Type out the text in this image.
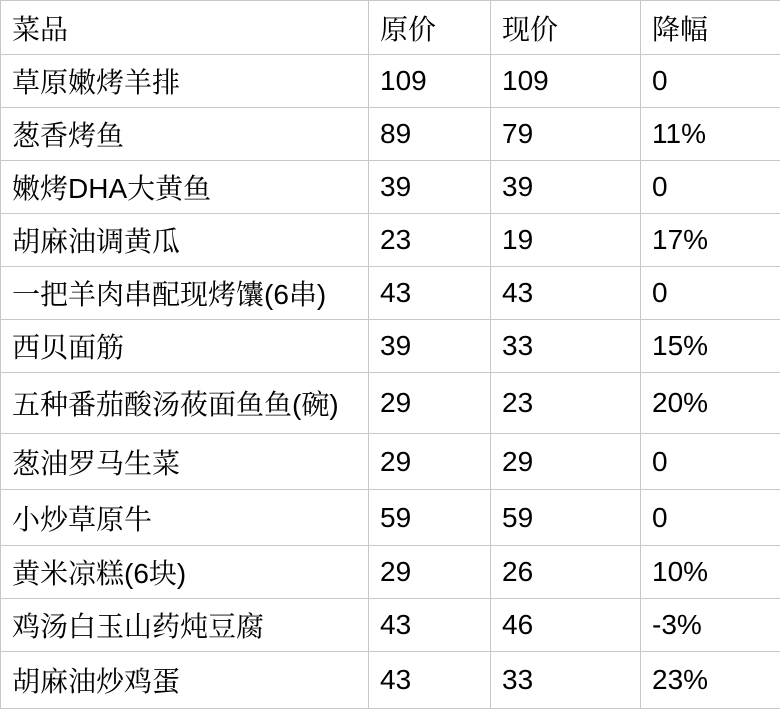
菜品	原价	现价	降幅
草原嫩烤羊排	109	109	0
葱香烤鱼	89	79	11%
嫩烤DHA大黄鱼	39	39	0
胡麻油调黄瓜	23	19	17%
一把羊肉串配现烤馕(6串)	43	43	0
西贝面筋	39	33	15%
五种番茄酸汤莜面鱼鱼(碗)	29	23	20%
葱油罗马生菜	29	29	0
小炒草原牛	59	59	0
黄米凉糕(6块)	29	26	10%
鸡汤白玉山药炖豆腐	43	46	-3%
胡麻油炒鸡蛋	43	33	23%
